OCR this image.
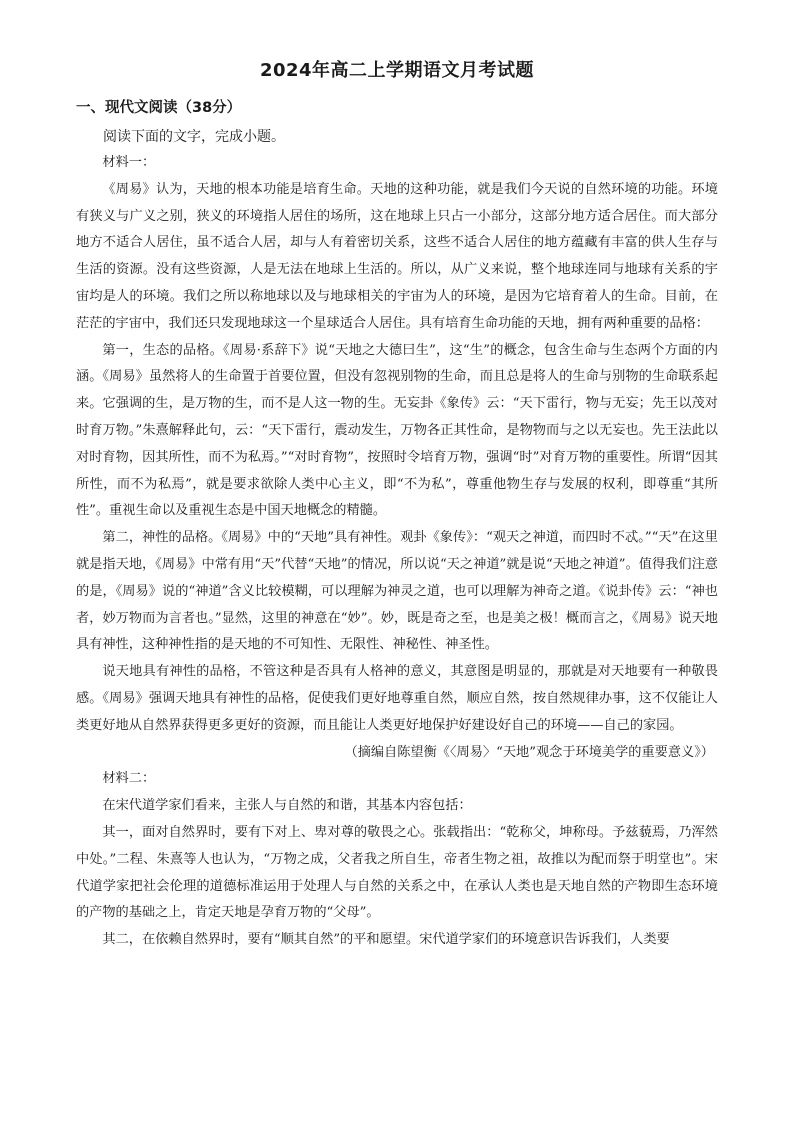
2024年高二上学期语文月考试题
一、现代文阅读（38分）
阅读下面的文字，完成小题。

材料一：

《周易》认为，天地的根本功能是培育生命。天地的这种功能，就是我们今天说的自然环境的功能。环境有狭义与广义之别，狭义的环境指人居住的场所，这在地球上只占一小部分，这部分地方适合居住。而大部分地方不适合人居住，虽不适合人居，却与人有着密切关系，这些不适合人居住的地方蕴藏有丰富的供人生存与生活的资源。没有这些资源，人是无法在地球上生活的。所以，从广义来说，整个地球连同与地球有关系的宇宙均是人的环境。我们之所以称地球以及与地球相关的宇宙为人的环境，是因为它培育着人的生命。目前，在茫茫的宇宙中，我们还只发现地球这一个星球适合人居住。具有培育生命功能的天地，拥有两种重要的品格：

第一，生态的品格。《周易·系辞下》说“天地之大德曰生”，这“生”的概念，包含生命与生态两个方面的内涵。《周易》虽然将人的生命置于首要位置，但没有忽视别物的生命，而且总是将人的生命与别物的生命联系起来。它强调的生，是万物的生，而不是人这一物的生。无妄卦《象传》云：“天下雷行，物与无妄；先王以茂对时育万物。”朱熹解释此句，云：“天下雷行，震动发生，万物各正其性命，是物物而与之以无妄也。先王法此以对时育物，因其所性，而不为私焉。”“对时育物”，按照时令培育万物，强调“时”对育万物的重要性。所谓“因其所性，而不为私焉”，就是要求欲除人类中心主义，即“不为私”，尊重他物生存与发展的权利，即尊重“其所性”。重视生命以及重视生态是中国天地概念的精髓。

第二，神性的品格。《周易》中的“天地”具有神性。观卦《象传》：“观天之神道，而四时不忒。”“天”在这里就是指天地，《周易》中常有用“天”代替“天地”的情况，所以说“天之神道”就是说“天地之神道”。值得我们注意的是，《周易》说的“神道”含义比较模糊，可以理解为神灵之道，也可以理解为神奇之道。《说卦传》云：“神也者，妙万物而为言者也。”显然，这里的神意在“妙”。妙，既是奇之至，也是美之极！概而言之，《周易》说天地具有神性，这种神性指的是天地的不可知性、无限性、神秘性、神圣性。

说天地具有神性的品格，不管这种是否具有人格神的意义，其意图是明显的，那就是对天地要有一种敬畏感。《周易》强调天地具有神性的品格，促使我们更好地尊重自然，顺应自然，按自然规律办事，这不仅能让人类更好地从自然界获得更多更好的资源，而且能让人类更好地保护好建设好自己的环境——自己的家园。

（摘编自陈望衡《〈周易〉“天地”观念于环境美学的重要意义》）

材料二：

在宋代道学家们看来，主张人与自然的和谐，其基本内容包括：

其一，面对自然界时，要有下对上、卑对尊的敬畏之心。张载指出：“乾称父，坤称母。予兹藐焉，乃浑然中处。”二程、朱熹等人也认为，“万物之成，父者我之所自生，帝者生物之祖，故推以为配而祭于明堂也”。宋代道学家把社会伦理的道德标准运用于处理人与自然的关系之中，在承认人类也是天地自然的产物即生态环境的产物的基础之上，肯定天地是孕育万物的“父母”。

其二，在依赖自然界时，要有“顺其自然”的平和愿望。宋代道学家们的环境意识告诉我们，人类要
